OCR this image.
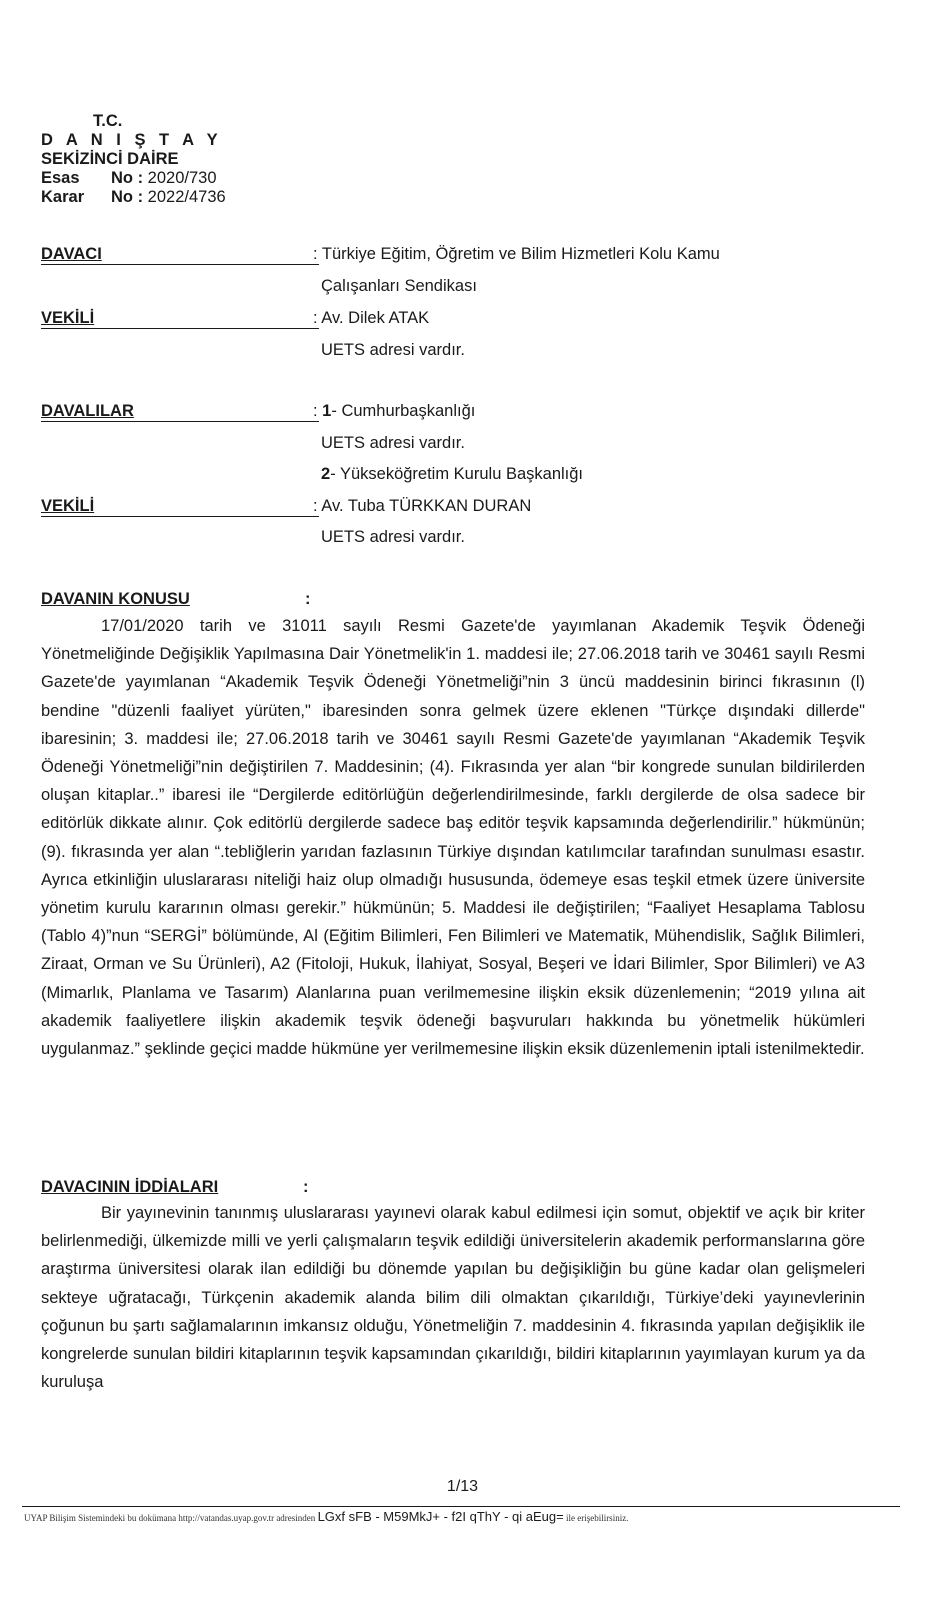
T.C.
D A N I Ş T A Y
SEKİZİNCİ DAİRE
Esas No : 2020/730
Karar No : 2022/4736
DAVACI	: Türkiye Eğitim, Öğretim ve Bilim Hizmetleri Kolu Kamu
Çalışanları Sendikası
VEKİLİ	: Av. Dilek ATAK
UETS adresi vardır.
DAVALILAR	: 1- Cumhurbaşkanlığı
UETS adresi vardır.
2- Yükseköğretim Kurulu Başkanlığı
VEKİLİ	: Av. Tuba TÜRKKAN DURAN
UETS adresi vardır.
DAVANIN KONUSU	:
17/01/2020 tarih ve 31011 sayılı Resmi Gazete'de yayımlanan Akademik Teşvik Ödeneği Yönetmeliğinde Değişiklik Yapılmasına Dair Yönetmelik'in 1. maddesi ile; 27.06.2018 tarih ve 30461 sayılı Resmi Gazete'de yayımlanan “Akademik Teşvik Ödeneği Yönetmeliği”nin 3 üncü maddesinin birinci fıkrasının (l) bendine "düzenli faaliyet yürüten," ibaresinden sonra gelmek üzere eklenen "Türkçe dışındaki dillerde" ibaresinin; 3. maddesi ile; 27.06.2018 tarih ve 30461 sayılı Resmi Gazete'de yayımlanan “Akademik Teşvik Ödeneği Yönetmeliği”nin değiştirilen 7. Maddesinin; (4). Fıkrasında yer alan “bir kongrede sunulan bildirilerden oluşan kitaplar..” ibaresi ile “Dergilerde editörlüğün değerlendirilmesinde, farklı dergilerde de olsa sadece bir editörlük dikkate alınır. Çok editörlü dergilerde sadece baş editör teşvik kapsamında değerlendirilir.” hükmünün; (9). fıkrasında yer alan “.tebliğlerin yarıdan fazlasının Türkiye dışından katılımcılar tarafından sunulması esastır. Ayrıca etkinliğin uluslararası niteliği haiz olup olmadığı hususunda, ödemeye esas teşkil etmek üzere üniversite yönetim kurulu kararının olması gerekir.” hükmünün; 5. Maddesi ile değiştirilen; “Faaliyet Hesaplama Tablosu (Tablo 4)”nun “SERGİ” bölümünde, Al (Eğitim Bilimleri, Fen Bilimleri ve Matematik, Mühendislik, Sağlık Bilimleri, Ziraat, Orman ve Su Ürünleri), A2 (Fitoloji, Hukuk, İlahiyat, Sosyal, Beşeri ve İdari Bilimler, Spor Bilimleri) ve A3 (Mimarlık, Planlama ve Tasarım) Alanlarına puan verilmemesine ilişkin eksik düzenlemenin; “2019 yılına ait akademik faaliyetlere ilişkin akademik teşvik ödeneği başvuruları hakkında bu yönetmelik hükümleri uygulanmaz.” şeklinde geçici madde hükmüne yer verilmemesine ilişkin eksik düzenlemenin iptali istenilmektedir.
DAVACININ İDDİALARI	:
Bir yayınevinin tanınmış uluslararası yayınevi olarak kabul edilmesi için somut, objektif ve açık bir kriter belirlenmediği, ülkemizde milli ve yerli çalışmaların teşvik edildiği üniversitelerin akademik performanslarına göre araştırma üniversitesi olarak ilan edildiği bu dönemde yapılan bu değişikliğin bu güne kadar olan gelişmeleri sekteye uğratacağı, Türkçenin akademik alanda bilim dili olmaktan çıkarıldığı, Türkiye’deki yayınevlerinin çoğunun bu şartı sağlamalarının imkansız olduğu, Yönetmeliğin 7. maddesinin 4. fıkrasında yapılan değişiklik ile kongrelerde sunulan bildiri kitaplarının teşvik kapsamından çıkarıldığı, bildiri kitaplarının yayımlayan kurum ya da kuruluşa
1/13
UYAP Bilişim Sistemindeki bu dokümana http://vatandas.uyap.gov.tr adresinden LGxf sFB - M59MkJ+ - f2I qThY - qi aEug= ile erişebilirsiniz.
